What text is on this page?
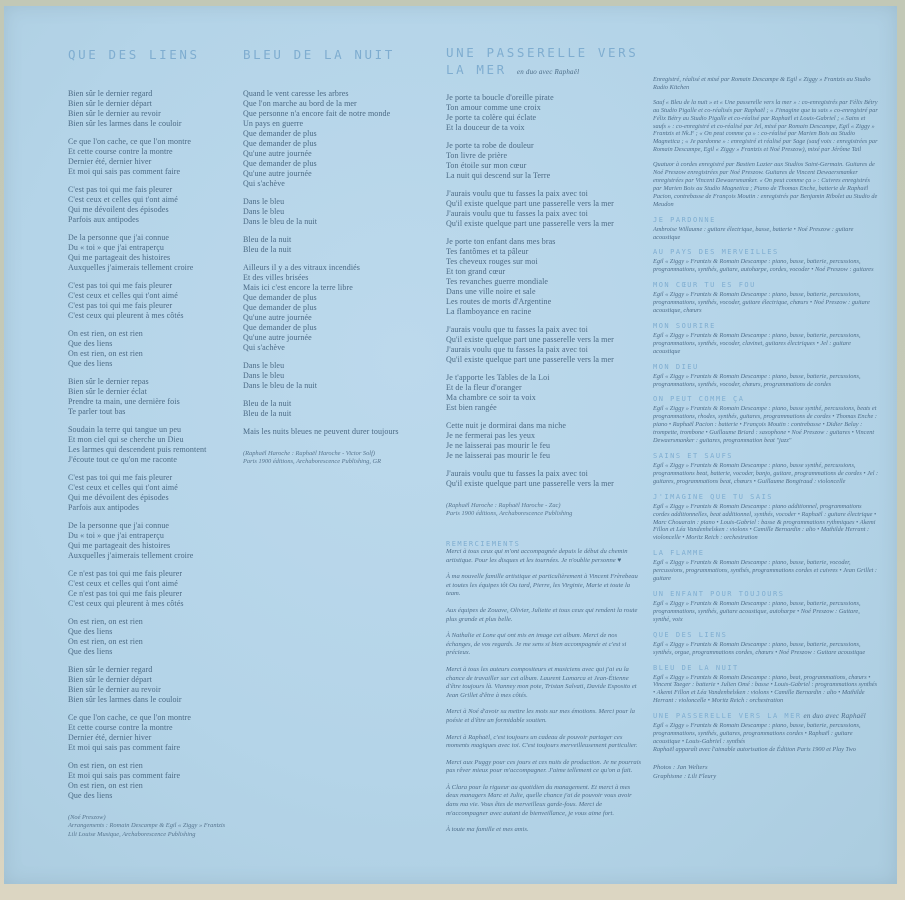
QUE DES LIENS
Bien sûr le dernier regard
Bien sûr le dernier départ
Bien sûr le dernier au revoir
Bien sûr les larmes dans le couloir
Ce que l'on cache, ce que l'on montre
Et cette course contre la montre
Dernier été, dernier hiver
Et moi qui sais pas comment faire
C'est pas toi qui me fais pleurer
C'est ceux et celles qui t'ont aimé
Qui me dévoilent des épisodes
Parfois aux antipodes
De la personne que j'ai connue
Du « toi » que j'ai entraperçu
Qui me partageait des histoires
Auxquelles j'aimerais tellement croire
C'est pas toi qui me fais pleurer
C'est ceux et celles qui t'ont aimé
C'est pas toi qui me fais pleurer
C'est ceux qui pleurent à mes côtés
On est rien, on est rien
Que des liens
On est rien, on est rien
Que des liens
Bien sûr le dernier repas
Bien sûr le dernier éclat
Prendre ta main, une dernière fois
Te parler tout bas
Soudain la terre qui tangue un peu
Et mon ciel qui se cherche un Dieu
Les larmes qui descendent puis remontent
J'écoute tout ce qu'on me raconte
C'est pas toi qui me fais pleurer
C'est ceux et celles qui t'ont aimé
Qui me dévoilent des épisodes
Parfois aux antipodes
De la personne que j'ai connue
Du « toi » que j'ai entraperçu
Qui me partageait des histoires
Auxquelles j'aimerais tellement croire
Ce n'est pas toi qui me fais pleurer
C'est ceux et celles qui t'ont aimé
Ce n'est pas toi qui me fais pleurer
C'est ceux qui pleurent à mes côtés
On est rien, on est rien
Que des liens
On est rien, on est rien
Que des liens
Bien sûr le dernier regard
Bien sûr le dernier départ
Bien sûr le dernier au revoir
Bien sûr les larmes dans le couloir
Ce que l'on cache, ce que l'on montre
Et cette course contre la montre
Dernier été, dernier hiver
Et moi qui sais pas comment faire
On est rien, on est rien
Et moi qui sais pas comment faire
On est rien, on est rien
Que des liens
(Noé Preszow)
Arrangements : Romain Descampe & Egil « Ziggy » Frantzis
Lili Louise Musique, Archaborescence Publishing
BLEU DE LA NUIT
Quand le vent caresse les arbres
Que l'on marche au bord de la mer
Que personne n'a encore fait de notre monde
Un pays en guerre
Que demander de plus
Que demander de plus
Qu'une autre journée
Que demander de plus
Qu'une autre journée
Qui s'achève
Dans le bleu
Dans le bleu
Dans le bleu de la nuit
Bleu de la nuit
Bleu de la nuit
Ailleurs il y a des vitraux incendiés
Et des villes brisées
Mais ici c'est encore la terre libre
Que demander de plus
Que demander de plus
Qu'une autre journée
Que demander de plus
Qu'une autre journée
Qui s'achève
Dans le bleu
Dans le bleu
Dans le bleu de la nuit
Bleu de la nuit
Bleu de la nuit
Mais les nuits bleues ne peuvent durer toujours
(Raphaël Haroche : Raphaël Haroche - Victor Solf)
Paris 1900 éditions, Archaborescence Publishing, GR
UNE PASSERELLE VERS LA MER en duo avec Raphaël
Je porte ta boucle d'oreille pirate
Ton amour comme une croix
Je porte ta colère qui éclate
Et la douceur de ta voix
Je porte ta robe de douleur
Ton livre de prière
Ton étoile sur mon cœur
La nuit qui descend sur la Terre
J'aurais voulu que tu fasses la paix avec toi
Qu'il existe quelque part une passerelle vers la mer
J'aurais voulu que tu fasses la paix avec toi
Qu'il existe quelque part une passerelle vers la mer
Je porte ton enfant dans mes bras
Tes fantômes et ta pâleur
Tes cheveux rouges sur moi
Et ton grand cœur
Tes revanches guerre mondiale
Dans une ville noire et sale
Les routes de morts d'Argentine
La flamboyance en racine
J'aurais voulu que tu fasses la paix avec toi
Qu'il existe quelque part une passerelle vers la mer
J'aurais voulu que tu fasses la paix avec toi
Qu'il existe quelque part une passerelle vers la mer
Je t'apporte les Tables de la Loi
Et de la fleur d'oranger
Ma chambre ce soir ta voix
Est bien rangée
Cette nuit je dormirai dans ma niche
Je ne fermerai pas les yeux
Je ne laisserai pas mourir le feu
Je ne laisserai pas mourir le feu
J'aurais voulu que tu fasses la paix avec toi
Qu'il existe quelque part une passerelle vers la mer
(Raphaël Haroche : Raphaël Haroche - Zac)
Paris 1900 éditions, Archaborescence Publishing
REMERCIEMENTS

Merci à tous ceux qui m'ont accompagnée depuis le début du chemin artistique. Pour les disques et les tournées. Je n'oublie personne ♥

À ma nouvelle famille artistique et particulièrement à Vincent Frèrebeau et toutes les équipes tôt Ou tard, Pierre, les Virginie, Marie et toute la team.

Aux équipes de Zouave, Olivier, Juliette et tous ceux qui rendent la route plus grande et plus belle.

À Nathalie et Lone qui ont mis en image cet album. Merci de nos échanges, de vos regards. Je me sens si bien accompagnée et c'est si précieux.

Merci à tous les auteurs compositeurs et musiciens avec qui j'ai eu la chance de travailler sur cet album. Laurent Lamarca et Jean-Étienne d'être toujours là. Vianney mon pote, Tristan Salvati, Davide Esposito et Jean Grillet d'être à mes côtés.

Merci à Noé d'avoir su mettre les mots sur mes émotions. Merci pour la poésie et d'être un formidable soutien.

Merci à Raphaël, c'est toujours un cadeau de pouvoir partager ces moments magiques avec toi. C'est toujours merveilleusement particulier.

Merci aux Puggy pour ces jours et ces nuits de production. Je ne pourrais pas rêver mieux pour m'accompagner. J'aime tellement ce qu'on a fait.

À Clara pour la rigueur au quotidien du management. Et merci à mes deux managers Marc et Julie, quelle chance j'ai de pouvoir vous avoir dans ma vie. Vous êtes de merveilleux garde-fous. Merci de m'accompagner avec autant de bienveillance, je vous aime fort.

À toute ma famille et mes amis.

Enregistré, réalisé et mixé par Romain Descampe & Egil « Ziggy » Frantzis au Studio Radio Kitchen

Sauf « Bleu de la nuit » et « Une passerelle vers la mer » : co-enregistrés par Félix Bétry au Studio Pigalle et co-réalisés par Raphaël ; « J'imagine que tu sais » co-enregistré par Félix Bétry au Studio Pigalle et co-réalisé par Raphaël et Louis-Gabriel ; « Sains et saufs » : co-enregistré et co-réalisé par Jel, mixé par Romain Descampe, Egil « Ziggy » Frantzis et Nk.F ; « On peut comme ça » : co-réalisé par Marien Bois au Studio Magnetica ; « Je pardonne » : enregistré et réalisé par Sage (sauf voix : enregistrées par Romain Descampe, Egil « Ziggy » Frantzis et Noé Preszow), mixé par Jérôme Tail

Quatuor à cordes enregistré par Bastien Lazier aux Studios Saint-Germain. Guitares de Noé Preszow enregistrées par Noé Preszow. Guitares de Vincent Dewaersmanker enregistrées par Vincent Dewaersmanker. « On peut comme ça » : Cuivres enregistrés par Marien Bois au Studio Magnetica ; Piano de Thomas Enche, batterie de Raphaël Pacion, contrebasse de François Moutin : enregistrés par Benjamin Ribolet au Studio de Meudon

JE PARDONNE

Ambroise Willaume : guitare électrique, basse, batterie • Noé Preszow : guitare acoustique

AU PAYS DES MERVEILLES

Egil « Ziggy » Frantzis & Romain Descampe : piano, basse, batterie, percussions, programmations, synthés, guitare, autoharpe, cordes, vocoder • Noé Preszow : guitares

MON CŒUR TU ES FOU

Egil « Ziggy » Frantzis & Romain Descampe : piano, basse, batterie, percussions, programmations, synthés, vocoder, guitare électrique, chœurs • Noé Preszow : guitare acoustique, chœurs

MON SOURIRE

Egil « Ziggy » Frantzis & Romain Descampe : piano, basse, batterie, percussions, programmations, synthés, vocoder, clavinet, guitares électriques • Jel : guitare acoustique

MON DIEU

Egil « Ziggy » Frantzis & Romain Descampe : piano, basse, batterie, percussions, programmations, synthés, vocoder, chœurs, programmations de cordes

ON PEUT COMME ÇA

Egil « Ziggy » Frantzis & Romain Descampe : piano, basse synthé, percussions, beats et programmations, rhodes, synthés, guitares, programmations de cordes • Thomas Enche : piano • Raphaël Pacion : batterie • François Moutin : contrebasse • Didier Belay : trompette, trombone • Guillaume Briard : saxophone • Noé Preszow : guitares • Vincent Dewaersmanker : guitares, programmation beat "jazz"

SAINS ET SAUFS

Egil « Ziggy » Frantzis & Romain Descampe : piano, basse synthé, percussions, programmations beat, batterie, vocoder, banjo, guitare, programmations de cordes • Jel : guitares, programmations beat, chœurs • Guillaume Bongiraud : violoncelle

J'IMAGINE QUE TU SAIS

Egil « Ziggy » Frantzis & Romain Descampe : piano additionnel, programmations cordes additionnelles, beat additionnel, synthés, vocoder • Raphaël : guitare électrique • Marc Chouarain : piano • Louis-Gabriel : basse & programmations rythmiques • Akemi Fillon et Léa Vandenhelsken : violons • Camille Bernardin : alto • Mathilde Herrant : violoncelle • Moritz Reich : orchestration

LA FLAMME

Egil « Ziggy » Frantzis & Romain Descampe : piano, basse, batterie, vocoder, percussions, programmations, synthés, programmations cordes et cuivres • Jean Grillet : guitare

UN ENFANT POUR TOUJOURS

Egil « Ziggy » Frantzis & Romain Descampe : piano, basse, batterie, percussions, programmations, synthés, guitare acoustique, autoharpe • Noé Preszow : Guitare, synthé, voix

QUE DES LIENS

Egil « Ziggy » Frantzis & Romain Descampe : piano, basse, batterie, percussions, synthés, orgue, programmations cordes, chœurs • Noé Preszow : Guitare acoustique

BLEU DE LA NUIT

Egil « Ziggy » Frantzis & Romain Descampe : piano, beat, programmations, chœurs • Vincent Taeger : batterie • Julien Omé : basse • Louis-Gabriel : programmations synthés • Akemi Fillon et Léa Vandenhelsken : violons • Camille Bernardin : alto • Mathilde Herrant : violoncelle • Moritz Reich : orchestration

UNE PASSERELLE VERS LA MER en duo avec Raphaël

Egil « Ziggy » Frantzis & Romain Descampe : piano, basse, batterie, percussions, programmations, synthés, guitares, programmations cordes • Raphaël : guitare acoustique • Louis-Gabriel : synthés

Raphaël apparaît avec l'aimable autorisation de Édition Paris 1900 et Play Two

Photos : Jan Welters
Graphisme : Lili Fleury
